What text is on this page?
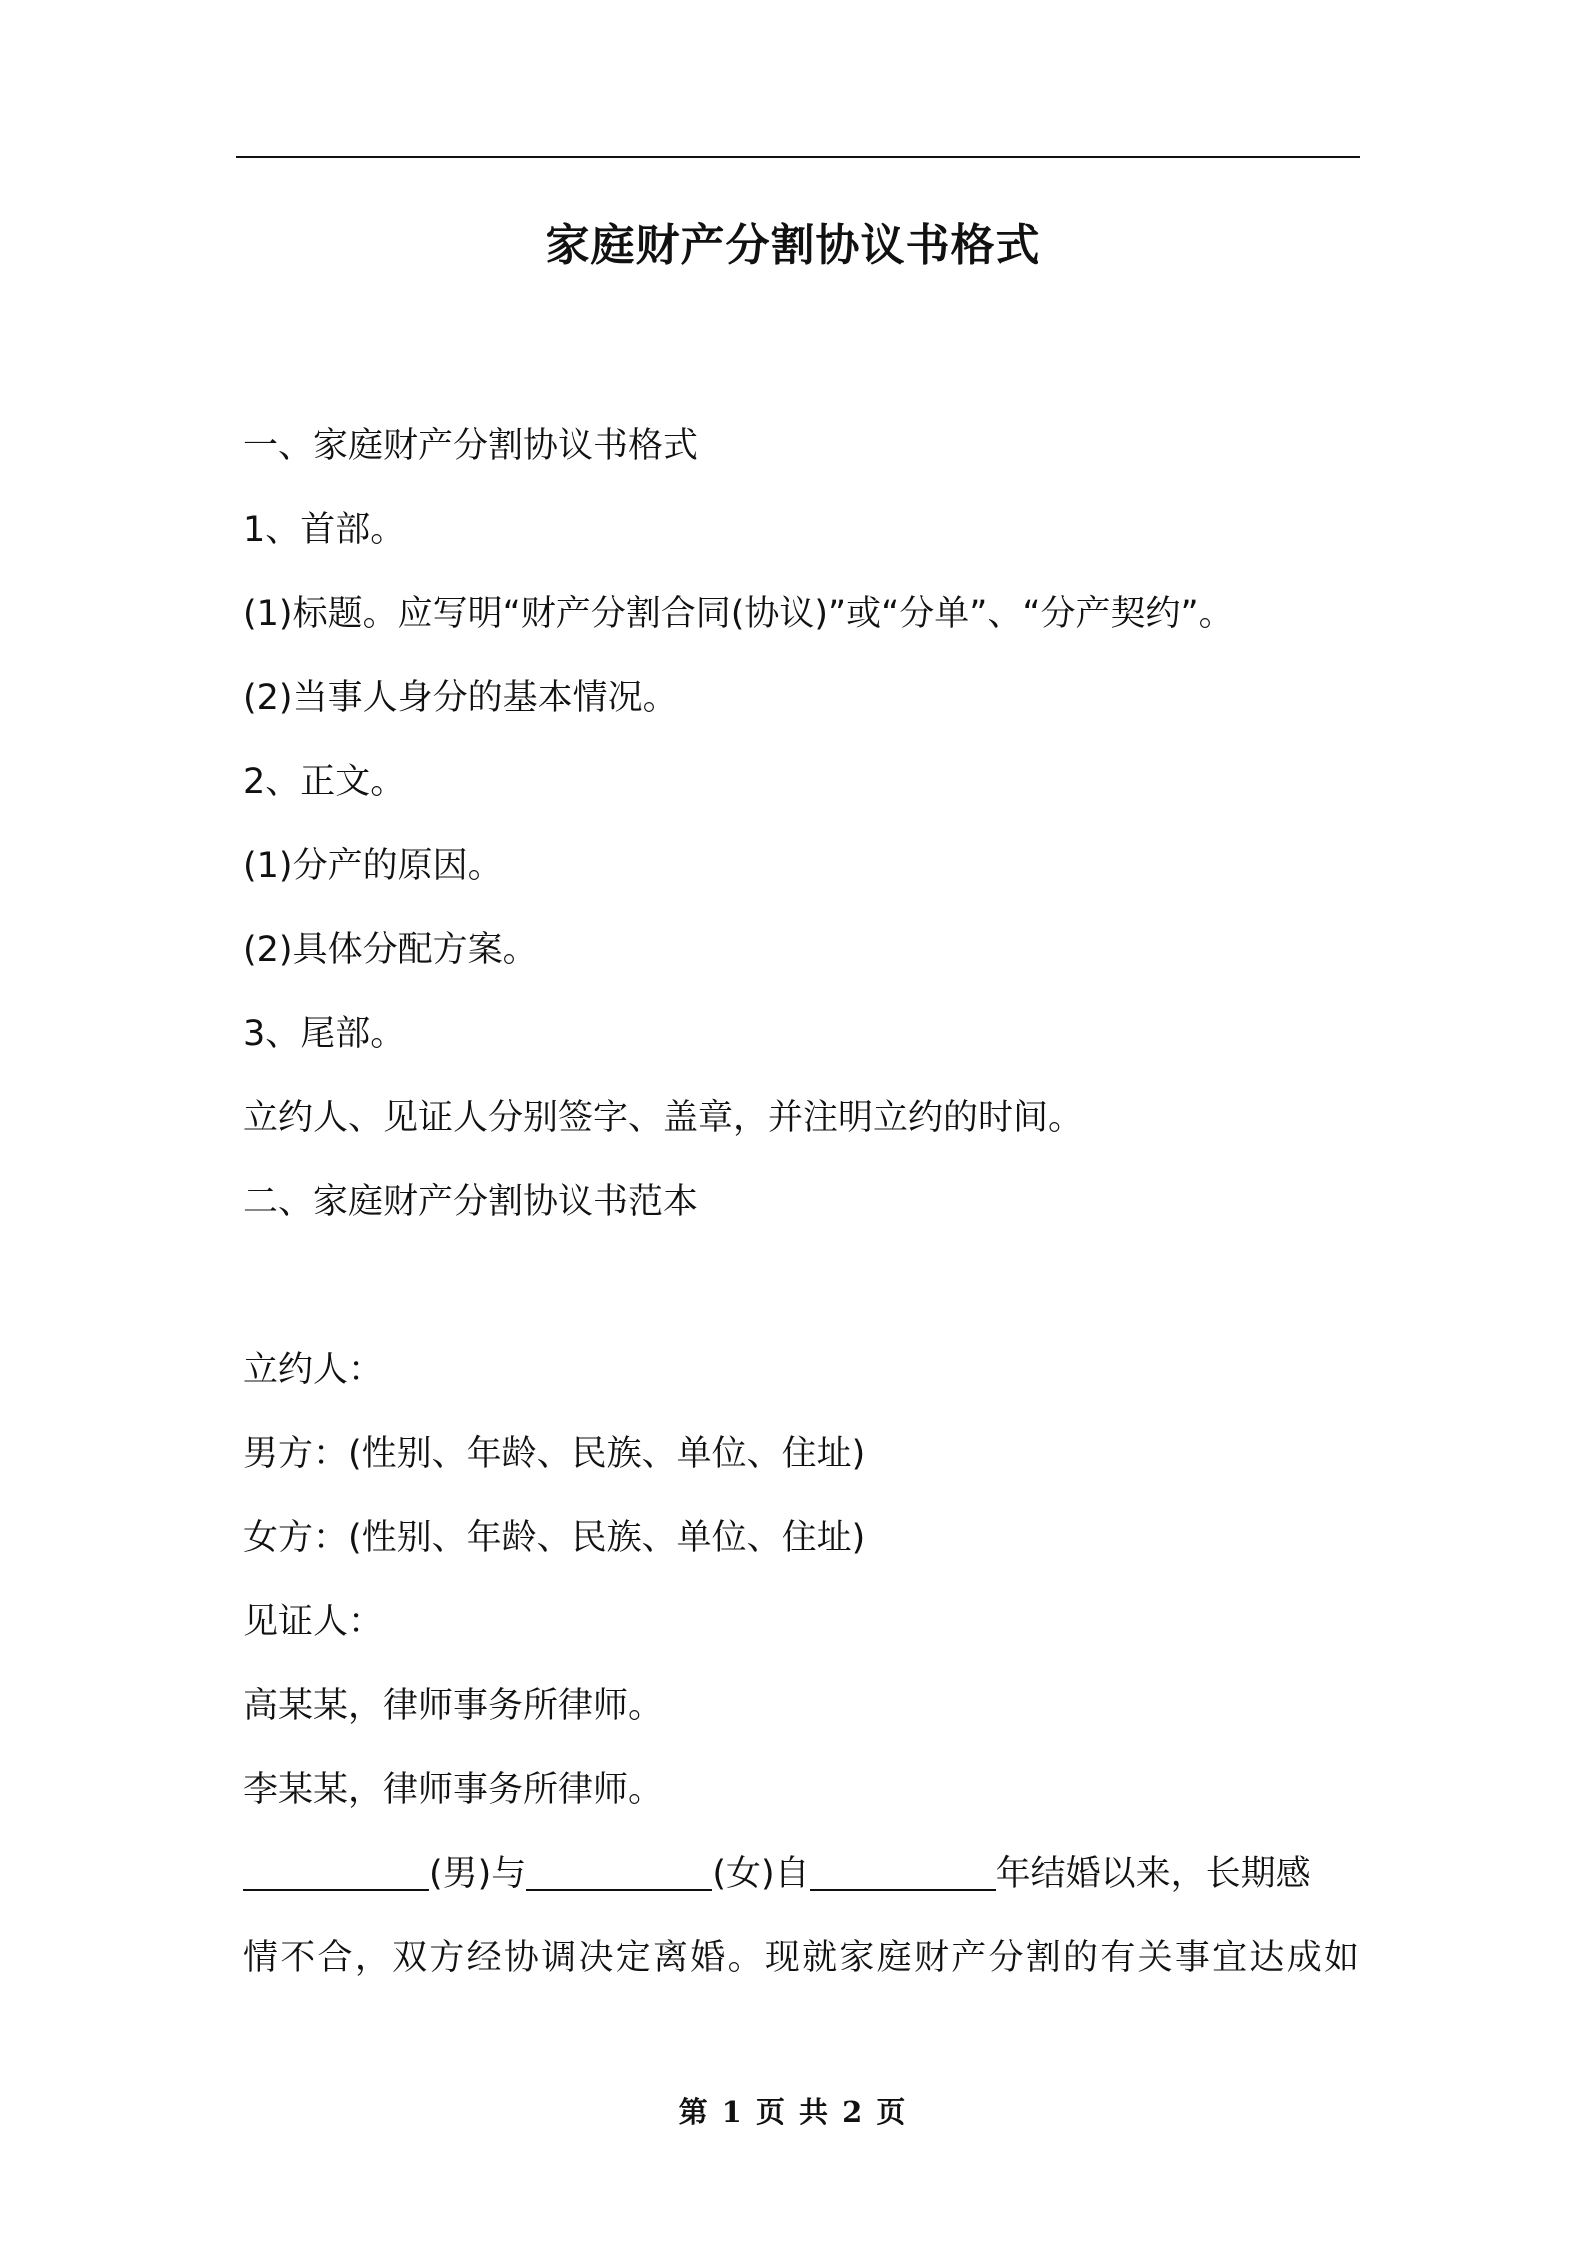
家庭财产分割协议书格式
一、家庭财产分割协议书格式
1、首部。
(1)标题。应写明“财产分割合同(协议)”或“分单”、“分产契约”。
(2)当事人身分的基本情况。
2、正文。
(1)分产的原因。
(2)具体分配方案。
3、尾部。
立约人、见证人分别签字、盖章，并注明立约的时间。
二、家庭财产分割协议书范本
立约人：
男方：(性别、年龄、民族、单位、住址)
女方：(性别、年龄、民族、单位、住址)
见证人：
高某某，律师事务所律师。
李某某，律师事务所律师。
(男)与	(女)自	年结婚以来，长期感
情不合，双方经协调决定离婚。现就家庭财产分割的有关事宜达成如
第 1 页 共 2 页
